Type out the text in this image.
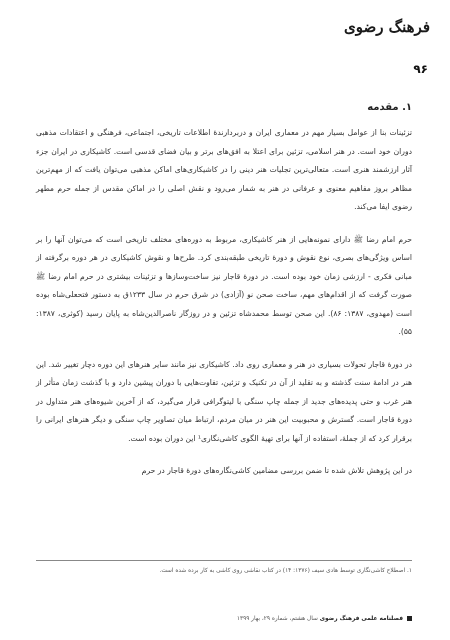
فرهنگ رضوی
۹۶
۱. مقدمه

تزئینات بنا از عوامل بسیار مهم در معماری ایران و دربردارندهٔ اطلاعات تاریخی، اجتماعی، فرهنگی و اعتقادات مذهبی دوران خود است. در هنر اسلامی، تزئین برای اعتلا به افق‌های برتر و بیان فضای قدسی است. کاشیکاری در ایران جزء آثار ارزشمند هنری است. متعالی‌ترین تجلیات هنر دینی را در کاشیکاری‌های اماکن مذهبی می‌توان یافت که از مهم‌ترین مظاهر بروز مفاهیم معنوی و عرفانی در هنر به شمار می‌رود و نقش اصلی را در اماکن مقدس از جمله حرم مطهر رضوی ایفا می‌کند.

حرم امام رضا ﷺ دارای نمونه‌هایی از هنر کاشیکاری، مربوط به دوره‌های مختلف تاریخی است که می‌توان آنها را بر اساس ویژگی‌های بصری، نوع نقوش و دورهٔ تاریخی طبقه‌بندی کرد. طرح‌ها و نقوش کاشیکاری در هر دوره برگرفته از مبانی فکری - ارزشی زمان خود بوده است. در دورهٔ قاجار نیز ساخت‌وسازها و تزئینات بیشتری در حرم امام رضا ﷺ صورت گرفت که از اقدام‌های مهم، ساخت صحن نو (آزادی) در شرق حرم در سال ۱۲۳۳ق به دستور فتحعلی‌شاه بوده است (مهدوی، ۱۳۸۷: ۸۶). این صحن توسط محمدشاه تزئین و در روزگار ناصرالدین‌شاه به پایان رسید (کوثری، ۱۳۸۷: ۵۵).

در دورهٔ قاجار تحولات بسیاری در هنر و معماری روی داد. کاشیکاری نیز مانند سایر هنرهای این دوره دچار تغییر شد. این هنر در ادامهٔ سنت گذشته و به تقلید از آن در تکنیک و تزئین، تفاوت‌هایی با دوران پیشین دارد و با گذشت زمان متأثر از هنر غرب و حتی پدیده‌های جدید از جمله چاپ سنگی با لیتوگرافی قرار می‌گیرد، که از آخرین شیوه‌های هنر متداول در دورهٔ قاجار است. گسترش و محبوبیت این هنر در میان مردم، ارتباط میان تصاویر چاپ سنگی و دیگر هنرهای ایرانی را برقرار کرد که از جملهٔ، استفاده از آنها برای تهیهٔ الگوی کاشی‌نگاری¹ این دوران بوده است.

در این پژوهش تلاش شده تا ضمن بررسی مضامین کاشی‌نگاره‌های دورهٔ قاجار در حرم

۱. اصطلاح کاشی‌نگاری توسط هادی سیف (۱۳۷۶: ۱۴) در کتاب نقاشی روی کاشی به کار برده شده است.
فصلنامه علمی فرهنگ رضوی سال هشتم، شماره ۲۹، بهار ۱۳۹۹
